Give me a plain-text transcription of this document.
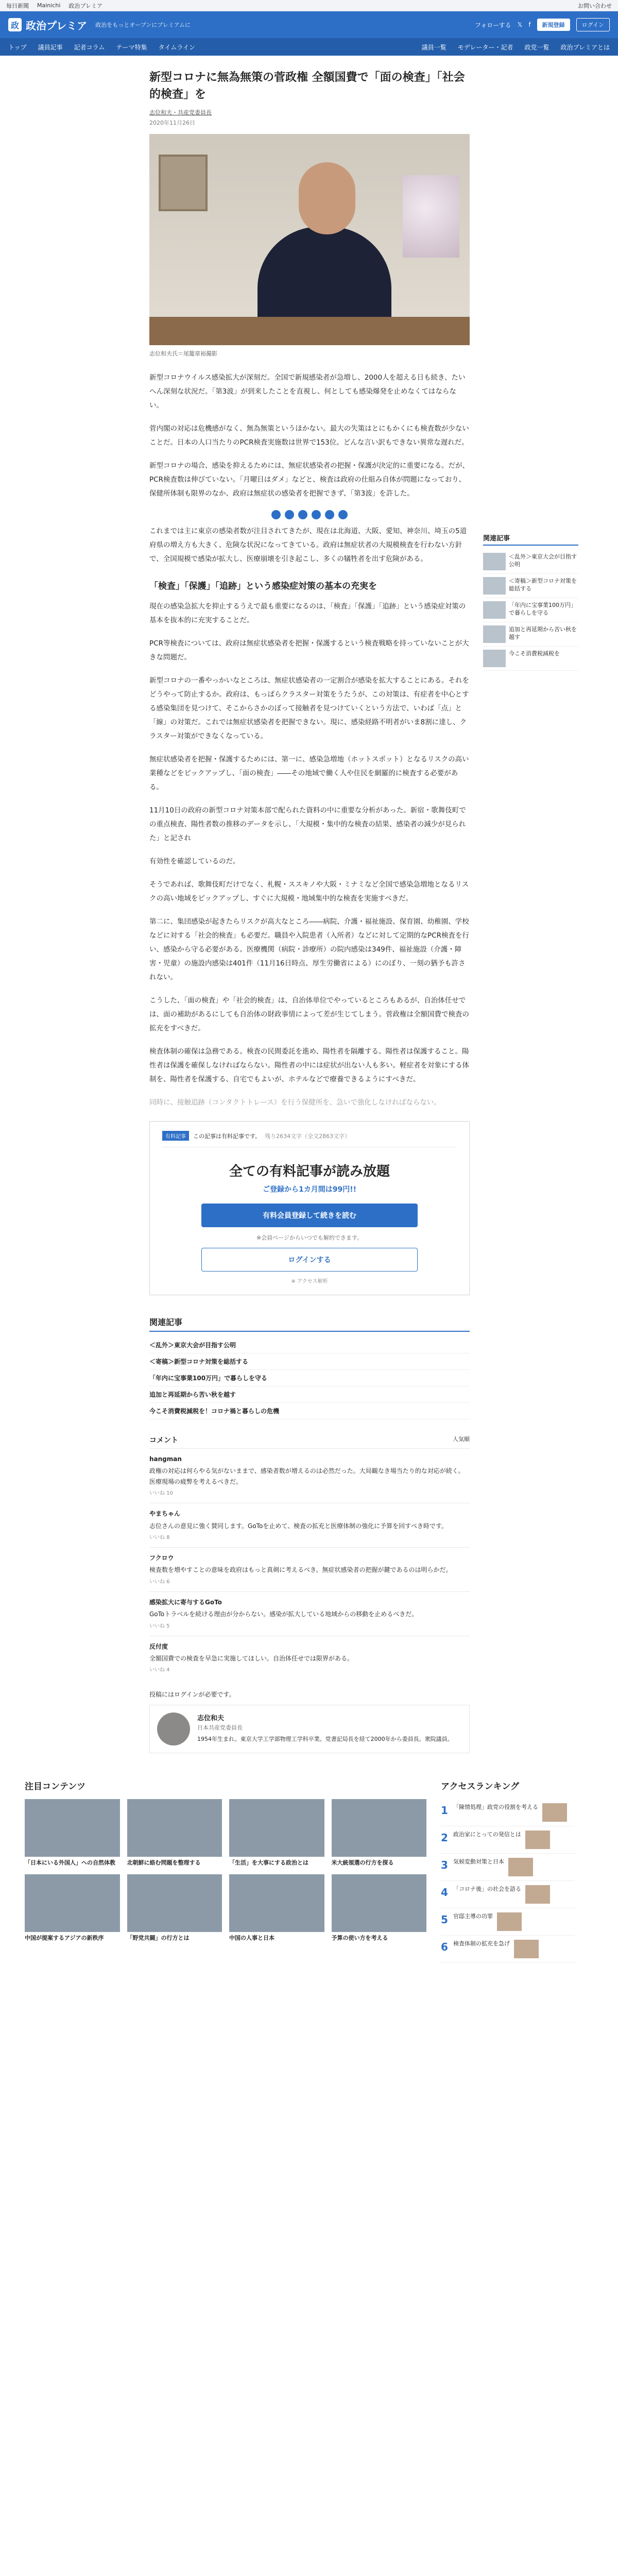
毎日新聞 Mainichi 政治プレミア	お問い合わせ
政 政治プレミア 政治をもっとオープンにプレミアムに	フォローする 𝕏 f	新規登録	ログイン
トップ 議員記事 記者コラム テーマ特集 タイムライン	議員一覧 モデレーター・記者 政党一覧 政治プレミアとは
新型コロナに無為無策の菅政権 全額国費で「面の検査」「社会的検査」を
志位和夫・共産党委員長
2020年11月26日
志位和夫氏＝尾籠章裕撮影

新型コロナウイルス感染拡大が深刻だ。全国で新規感染者が急増し、2000人を超える日も続き、たいへん深刻な状況だ。「第3波」が到来したことを直視し、何としても感染爆発を止めなくてはならない。

菅内閣の対応は危機感がなく、無為無策というほかない。最大の失策はとにもかくにも検査数が少ないことだ。日本の人口当たりのPCR検査実施数は世界で153位。どんな言い訳もできない異常な遅れだ。

新型コロナの場合、感染を抑えるためには、無症状感染者の把握・保護が決定的に重要になる。だが、PCR検査数は伸びていない。「月曜日はダメ」などと、検査は政府の仕組み自体が問題になっており、保健所体制も限界のなか、政府は無症状の感染者を把握できず、「第3波」を許した。

これまでは主に東京の感染者数が注目されてきたが、現在は北海道、大阪、愛知、神奈川、埼玉の5道府県の増え方も大きく、危険な状況になってきている。政府は無症状者の大規模検査を行わない方針で、全国規模で感染が拡大し、医療崩壊を引き起こし、多くの犠牲者を出す危険がある。

「検査」「保護」「追跡」という感染症対策の基本の充実を

現在の感染急拡大を抑止するうえで最も重要になるのは、「検査」「保護」「追跡」という感染症対策の基本を抜本的に充実することだ。

PCR等検査については、政府は無症状感染者を把握・保護するという検査戦略を持っていないことが大きな問題だ。

新型コロナの一番やっかいなところは、無症状感染者の一定割合が感染を拡大することにある。それをどうやって防止するか。政府は、もっぱらクラスター対策をうたうが、この対策は、有症者を中心とする感染集団を見つけて、そこからさかのぼって接触者を見つけていくという方法で、いわば「点」と「線」の対策だ。これでは無症状感染者を把握できない。現に、感染経路不明者がいま8割に達し、クラスター対策ができなくなっている。

無症状感染者を把握・保護するためには、第一に、感染急増地（ホットスポット）となるリスクの高い業種などをピックアップし、「面の検査」――その地域で働く人や住民を網羅的に検査する必要がある。

11月10日の政府の新型コロナ対策本部で配られた資料の中に重要な分析があった。新宿・歌舞伎町での重点検査、陽性者数の推移のデータを示し、「大規模・集中的な検査の結果、感染者の減少が見られた」と記され

有効性を確認しているのだ。

そうであれば、歌舞伎町だけでなく、札幌・ススキノや大阪・ミナミなど全国で感染急増地となるリスクの高い地域をピックアップし、すぐに大規模・地域集中的な検査を実施すべきだ。

第二に、集団感染が起きたらリスクが高大なところ――病院、介護・福祉施設、保育園、幼稚園、学校などに対する「社会的検査」も必要だ。職員や入院患者（入所者）などに対して定期的なPCR検査を行い、感染から守る必要がある。医療機関（病院・診療所）の院内感染は349件、福祉施設（介護・障害・児童）の施設内感染は401件（11月16日時点、厚生労働省による）にのぼり、一刻の猶予も許されない。

こうした、「面の検査」や「社会的検査」は、自治体単位でやっているところもあるが、自治体任せでは、面の補助があるにしても自治体の財政事情によって差が生じてしまう。菅政権は全額国費で検査の拡充をすべきだ。

検査体制の確保は急務である。検査の民間委託を進め、陽性者を隔離する。陽性者は保護すること。陽性者は保護を確保しなければならない。陽性者の中には症状が出ない人も多い。軽症者を対象にする体制を、陽性者を保護する、自宅でもよいが、ホテルなどで療養できるようにすべきだ。

同時に、接触追跡（コンタクトトレース）を行う保健所を、急いで強化しなければならない。

有料記事	この記事は有料記事です。 残り2634文字（全文2863文字）
全ての有料記事が読み放題
ご登録から1カ月間は99円!!
有料会員登録して続きを読む
※会員ページからいつでも解約できます。
ログインする
※ アクセス解析
関連記事
＜乱外＞東京大会が目指す公明
＜寄稿＞新型コロナ対策を総括する
「年内に宝事業100万円」で暮らしを守る
追加と再延期から苦い秋を越す
今こそ消費税減税を！コロナ禍と暮らしの危機
コメント	人気順
hangman
政権の対応は何らやる気がないままで、感染者数が増えるのは必然だった。大局観なき場当たり的な対応が続く。医療現場の疲弊を考えるべきだ。
いいね 10
やまちゃん
志位さんの意見に強く賛同します。GoToを止めて、検査の拡充と医療体制の強化に予算を回すべき時です。
いいね 8
フクロウ
検査数を増やすことの意味を政府はもっと真剣に考えるべき。無症状感染者の把握が鍵であるのは明らかだ。
いいね 6
感染拡大に寄与するGoTo
GoToトラベルを続ける理由が分からない。感染が拡大している地域からの移動を止めるべきだ。
いいね 5
反付度
全額国費での検査を早急に実施してほしい。自治体任せでは限界がある。
いいね 4
投稿にはログインが必要です。
志位和夫
日本共産党委員長
1954年生まれ。東京大学工学部物理工学科卒業。党書記局長を経て2000年から委員長。衆院議員。
関連記事
＜乱外＞東京大会が目指す公明
＜寄稿＞新型コロナ対策を総括する
「年内に宝事業100万円」で暮らしを守る
追加と再延期から苦い秋を越す
今こそ消費税減税を
注目コンテンツ
「日本にいる外国人」への自然体教	北朝鮮に絡む問題を整理する	「生活」を大事にする政治とは	米大統領選の行方を探る
中国が提案するアジアの新秩序	「野党共闘」の行方とは	中国の人事と日本	予算の使い方を考える
アクセスランキング
1 「陳情処理」政党の役割を考える
2 政治家にとっての発信とは
3 気候変動対策と日本
4 「コロナ後」の社会を語る
5 官邸主導の功罪
6 検査体制の拡充を急げ
